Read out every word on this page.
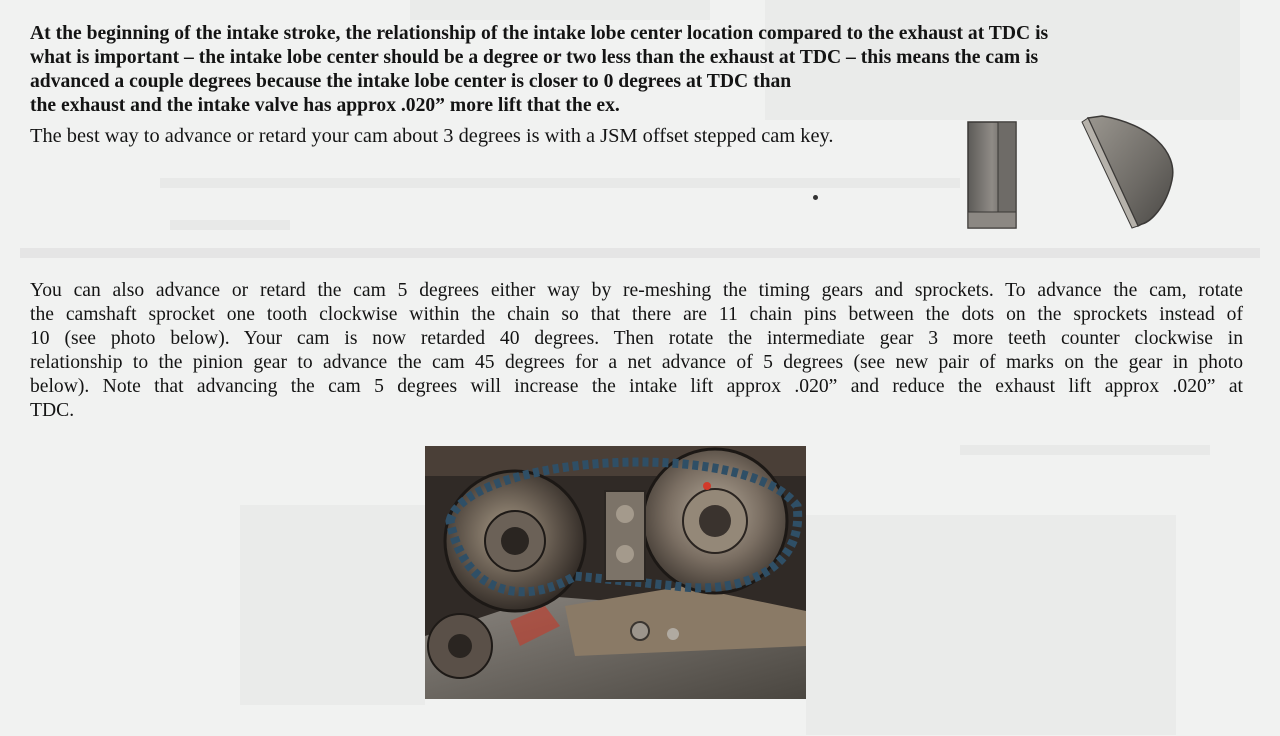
At the beginning of the intake stroke, the relationship of the intake lobe center location compared to the exhaust at TDC is
what is important – the intake lobe center should be a degree or two less than the exhaust at TDC – this means the cam is
advanced a couple degrees because the intake lobe center is closer to 0 degrees at TDC than
the exhaust and the intake valve has approx .020” more lift that the ex.

The best way to advance or retard your cam about 3 degrees is with a JSM offset stepped cam key.

You can also advance or retard the cam 5 degrees either way by re-meshing the timing gears and sprockets. To advance the cam, rotate
the camshaft sprocket one tooth clockwise within the chain so that there are 11 chain pins between the dots on the sprockets instead of
10 (see photo below). Your cam is now retarded 40 degrees. Then rotate the intermediate gear 3 more teeth counter clockwise in
relationship to the pinion gear to advance the cam 45 degrees for a net advance of 5 degrees (see new pair of marks on the gear in photo
below). Note that advancing the cam 5 degrees will increase the intake lift approx .020” and reduce the exhaust lift approx .020” at
TDC.
